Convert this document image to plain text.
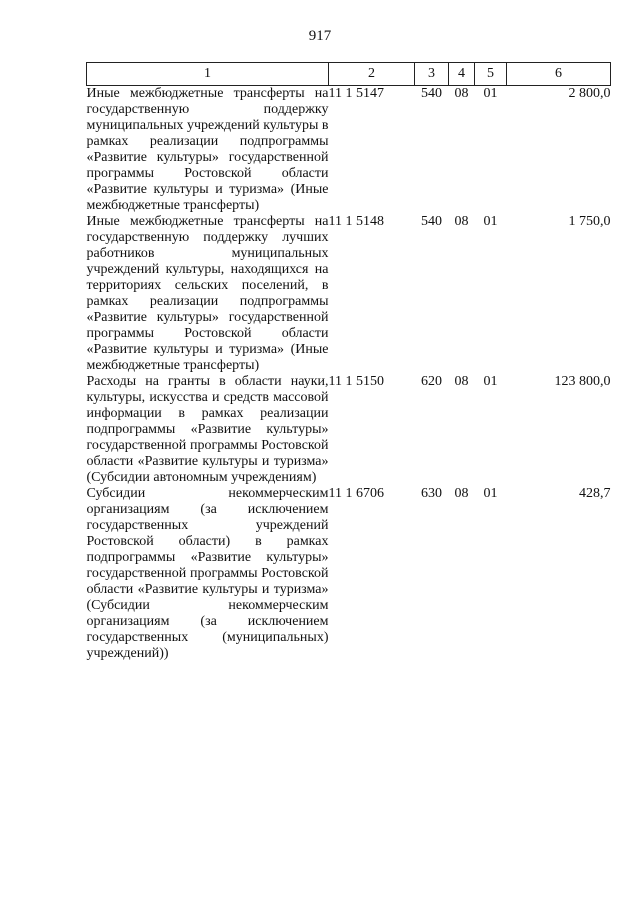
917
1	2	3	4	5	6
Иные межбюджетные трансферты на государственную поддержку муниципальных учреждений культуры в рамках реализации подпрограммы «Развитие культуры» государственной программы Ростовской области «Развитие культуры и туризма» (Иные межбюджетные трансферты)	11 1 5147	540	08	01	2 800,0
Иные межбюджетные трансферты на государственную поддержку лучших работников муниципальных учреждений культуры, находящихся на территориях сельских поселений, в рамках реализации подпрограммы «Развитие культуры» государственной программы Ростовской области «Развитие культуры и туризма» (Иные межбюджетные трансферты)	11 1 5148	540	08	01	1 750,0
Расходы на гранты в области науки, культуры, искусства и средств массовой информации в рамках реализации подпрограммы «Развитие культуры» государственной программы Ростовской области «Развитие культуры и туризма» (Субсидии автономным учреждениям)	11 1 5150	620	08	01	123 800,0
Субсидии некоммерческим организациям (за исключением государственных учреждений Ростовской области) в рамках подпрограммы «Развитие культуры» государственной программы Ростовской области «Развитие культуры и туризма» (Субсидии некоммерческим организациям (за исключением государственных (муниципальных) учреждений))	11 1 6706	630	08	01	428,7
